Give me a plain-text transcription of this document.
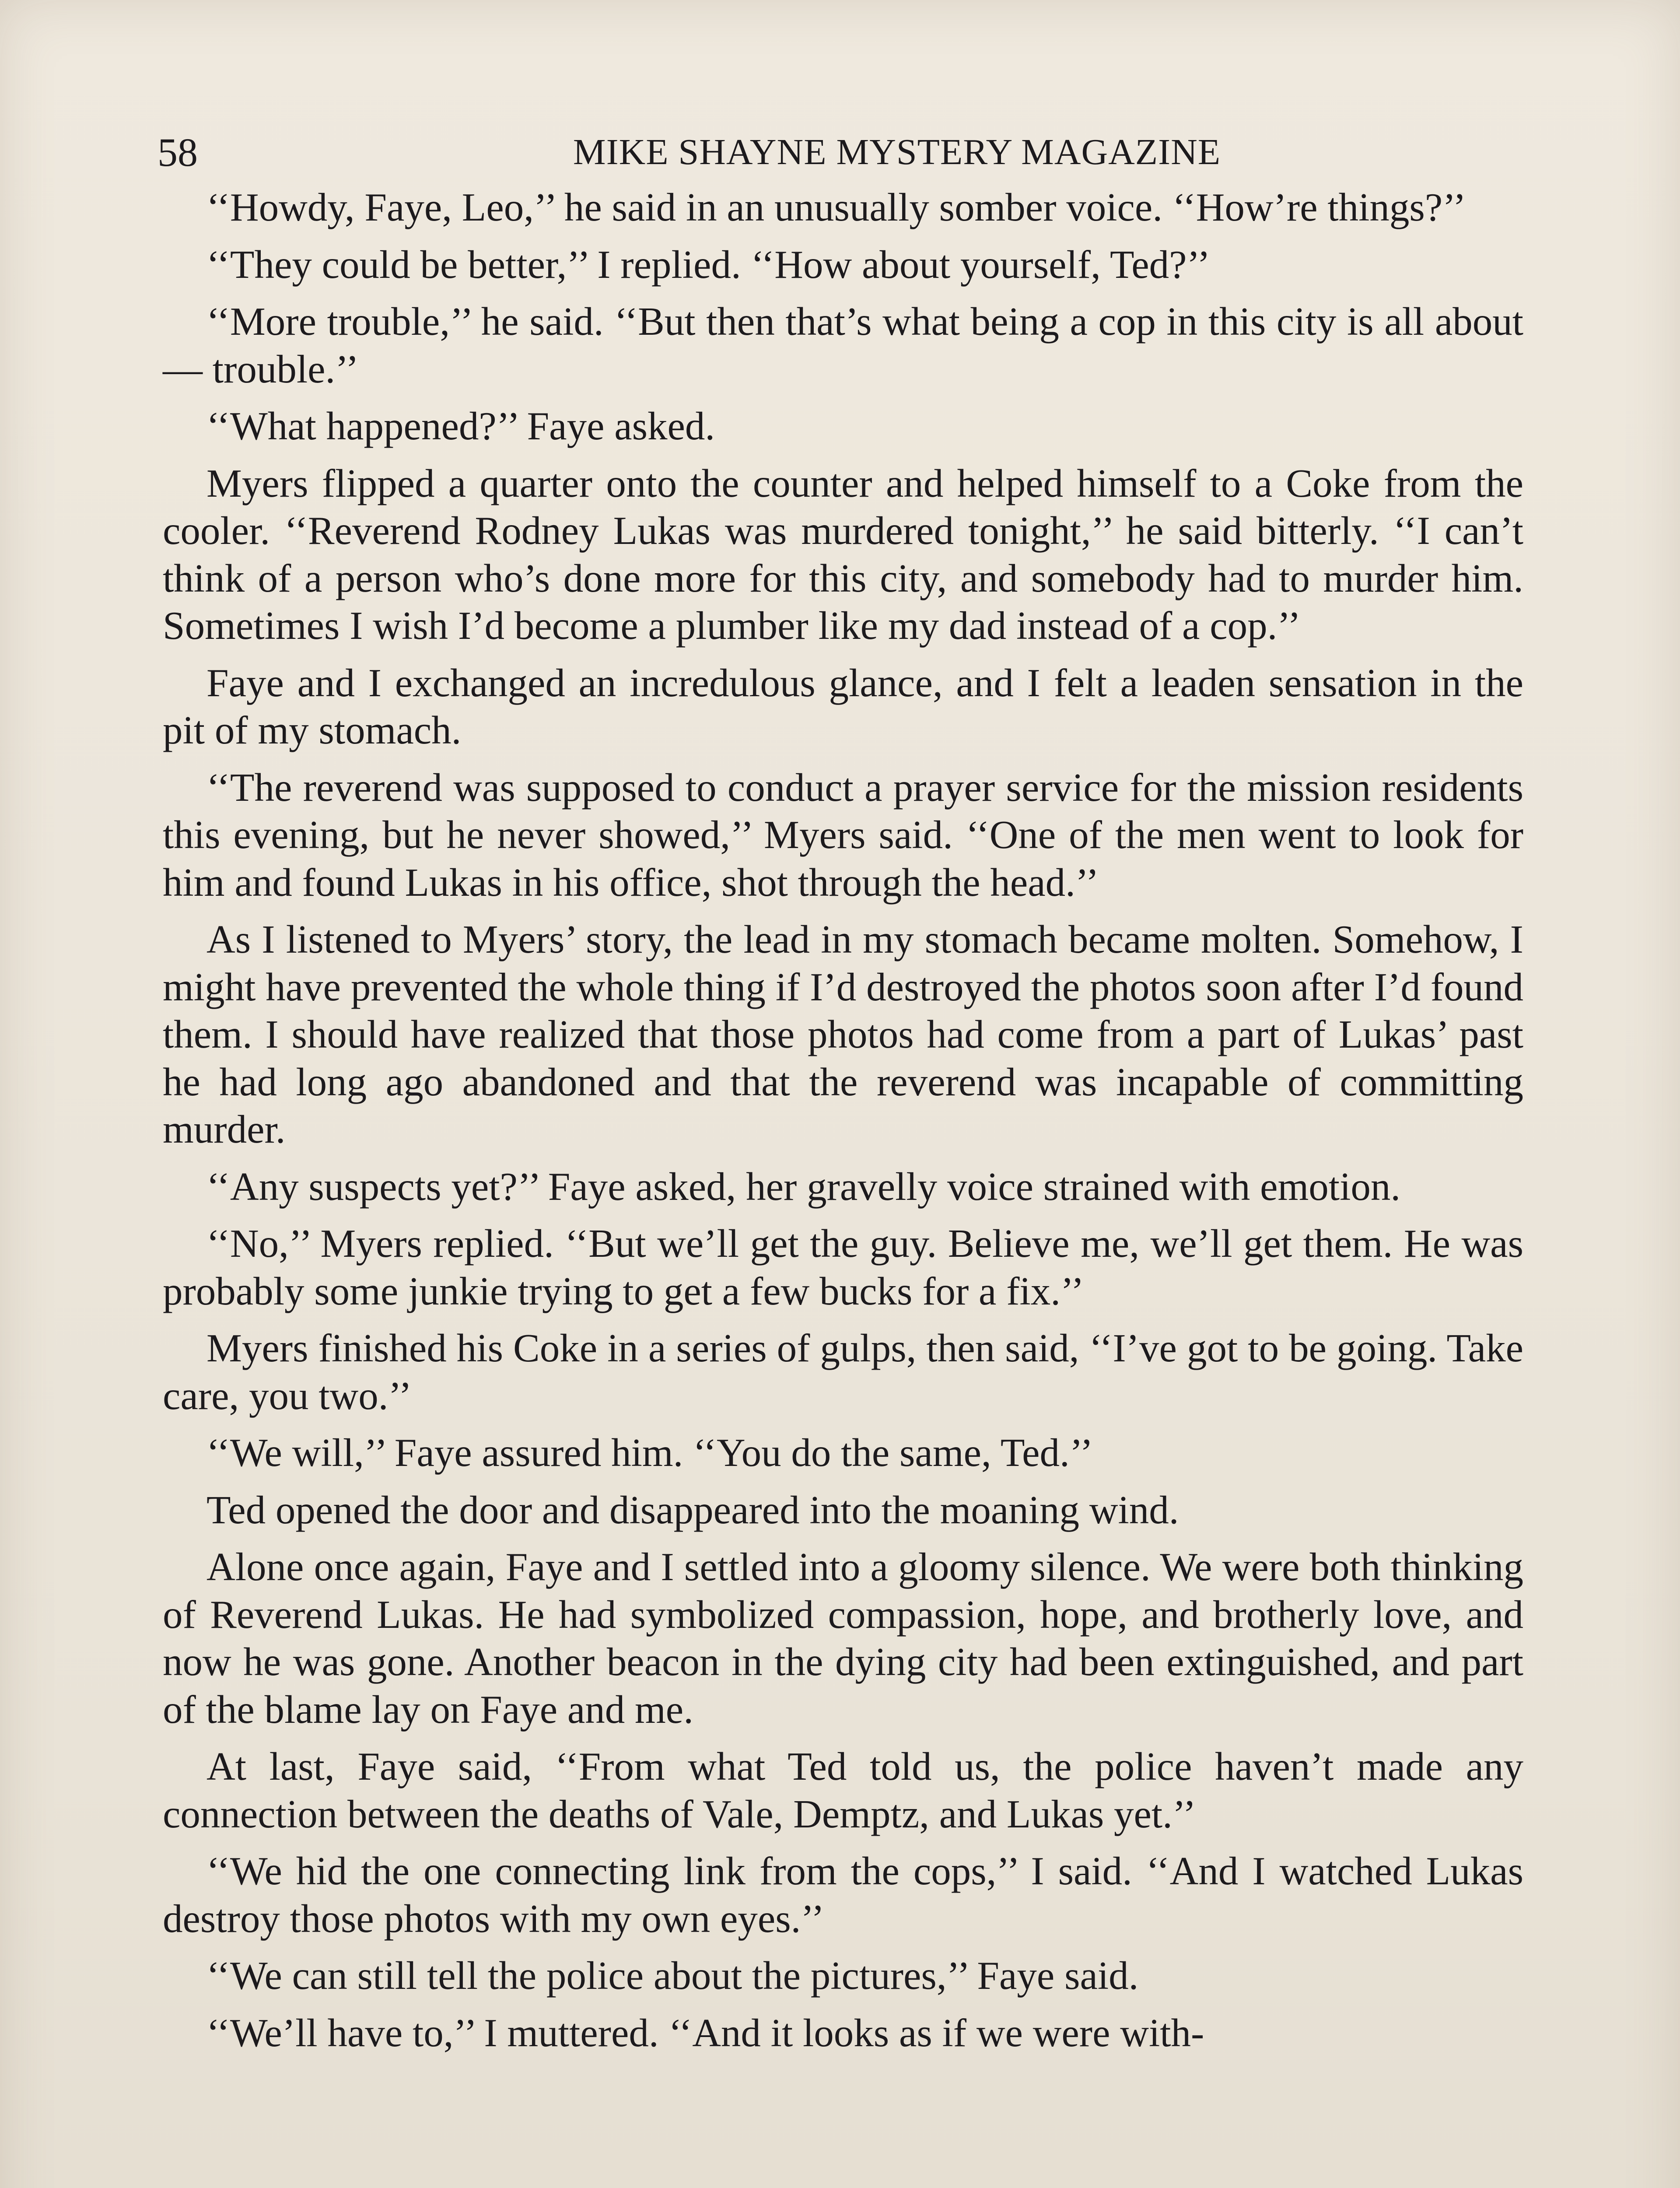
58	MIKE SHAYNE MYSTERY MAGAZINE

‘‘Howdy, Faye, Leo,’’ he said in an unusually somber voice. ‘‘How’re things?’’

‘‘They could be better,’’ I replied. ‘‘How about yourself, Ted?’’

‘‘More trouble,’’ he said. ‘‘But then that’s what being a cop in this city is all about — trouble.’’

‘‘What happened?’’ Faye asked.

Myers flipped a quarter onto the counter and helped himself to a Coke from the cooler. ‘‘Reverend Rodney Lukas was murdered tonight,’’ he said bitterly. ‘‘I can’t think of a person who’s done more for this city, and somebody had to murder him. Sometimes I wish I’d become a plumber like my dad instead of a cop.’’

Faye and I exchanged an incredulous glance, and I felt a leaden sensation in the pit of my stomach.

‘‘The reverend was supposed to conduct a prayer service for the mission residents this evening, but he never showed,’’ Myers said. ‘‘One of the men went to look for him and found Lukas in his office, shot through the head.’’

As I listened to Myers’ story, the lead in my stomach became molten. Somehow, I might have prevented the whole thing if I’d destroyed the photos soon after I’d found them. I should have realized that those photos had come from a part of Lukas’ past he had long ago abandoned and that the reverend was incapable of committing murder.

‘‘Any suspects yet?’’ Faye asked, her gravelly voice strained with emotion.

‘‘No,’’ Myers replied. ‘‘But we’ll get the guy. Believe me, we’ll get them. He was probably some junkie trying to get a few bucks for a fix.’’

Myers finished his Coke in a series of gulps, then said, ‘‘I’ve got to be going. Take care, you two.’’

‘‘We will,’’ Faye assured him. ‘‘You do the same, Ted.’’

Ted opened the door and disappeared into the moaning wind.

Alone once again, Faye and I settled into a gloomy silence. We were both thinking of Reverend Lukas. He had symbolized compassion, hope, and brotherly love, and now he was gone. Another beacon in the dying city had been extinguished, and part of the blame lay on Faye and me.

At last, Faye said, ‘‘From what Ted told us, the police haven’t made any connection between the deaths of Vale, Demptz, and Lukas yet.’’

‘‘We hid the one connecting link from the cops,’’ I said. ‘‘And I watched Lukas destroy those photos with my own eyes.’’

‘‘We can still tell the police about the pictures,’’ Faye said.

‘‘We’ll have to,’’ I muttered. ‘‘And it looks as if we were with-
